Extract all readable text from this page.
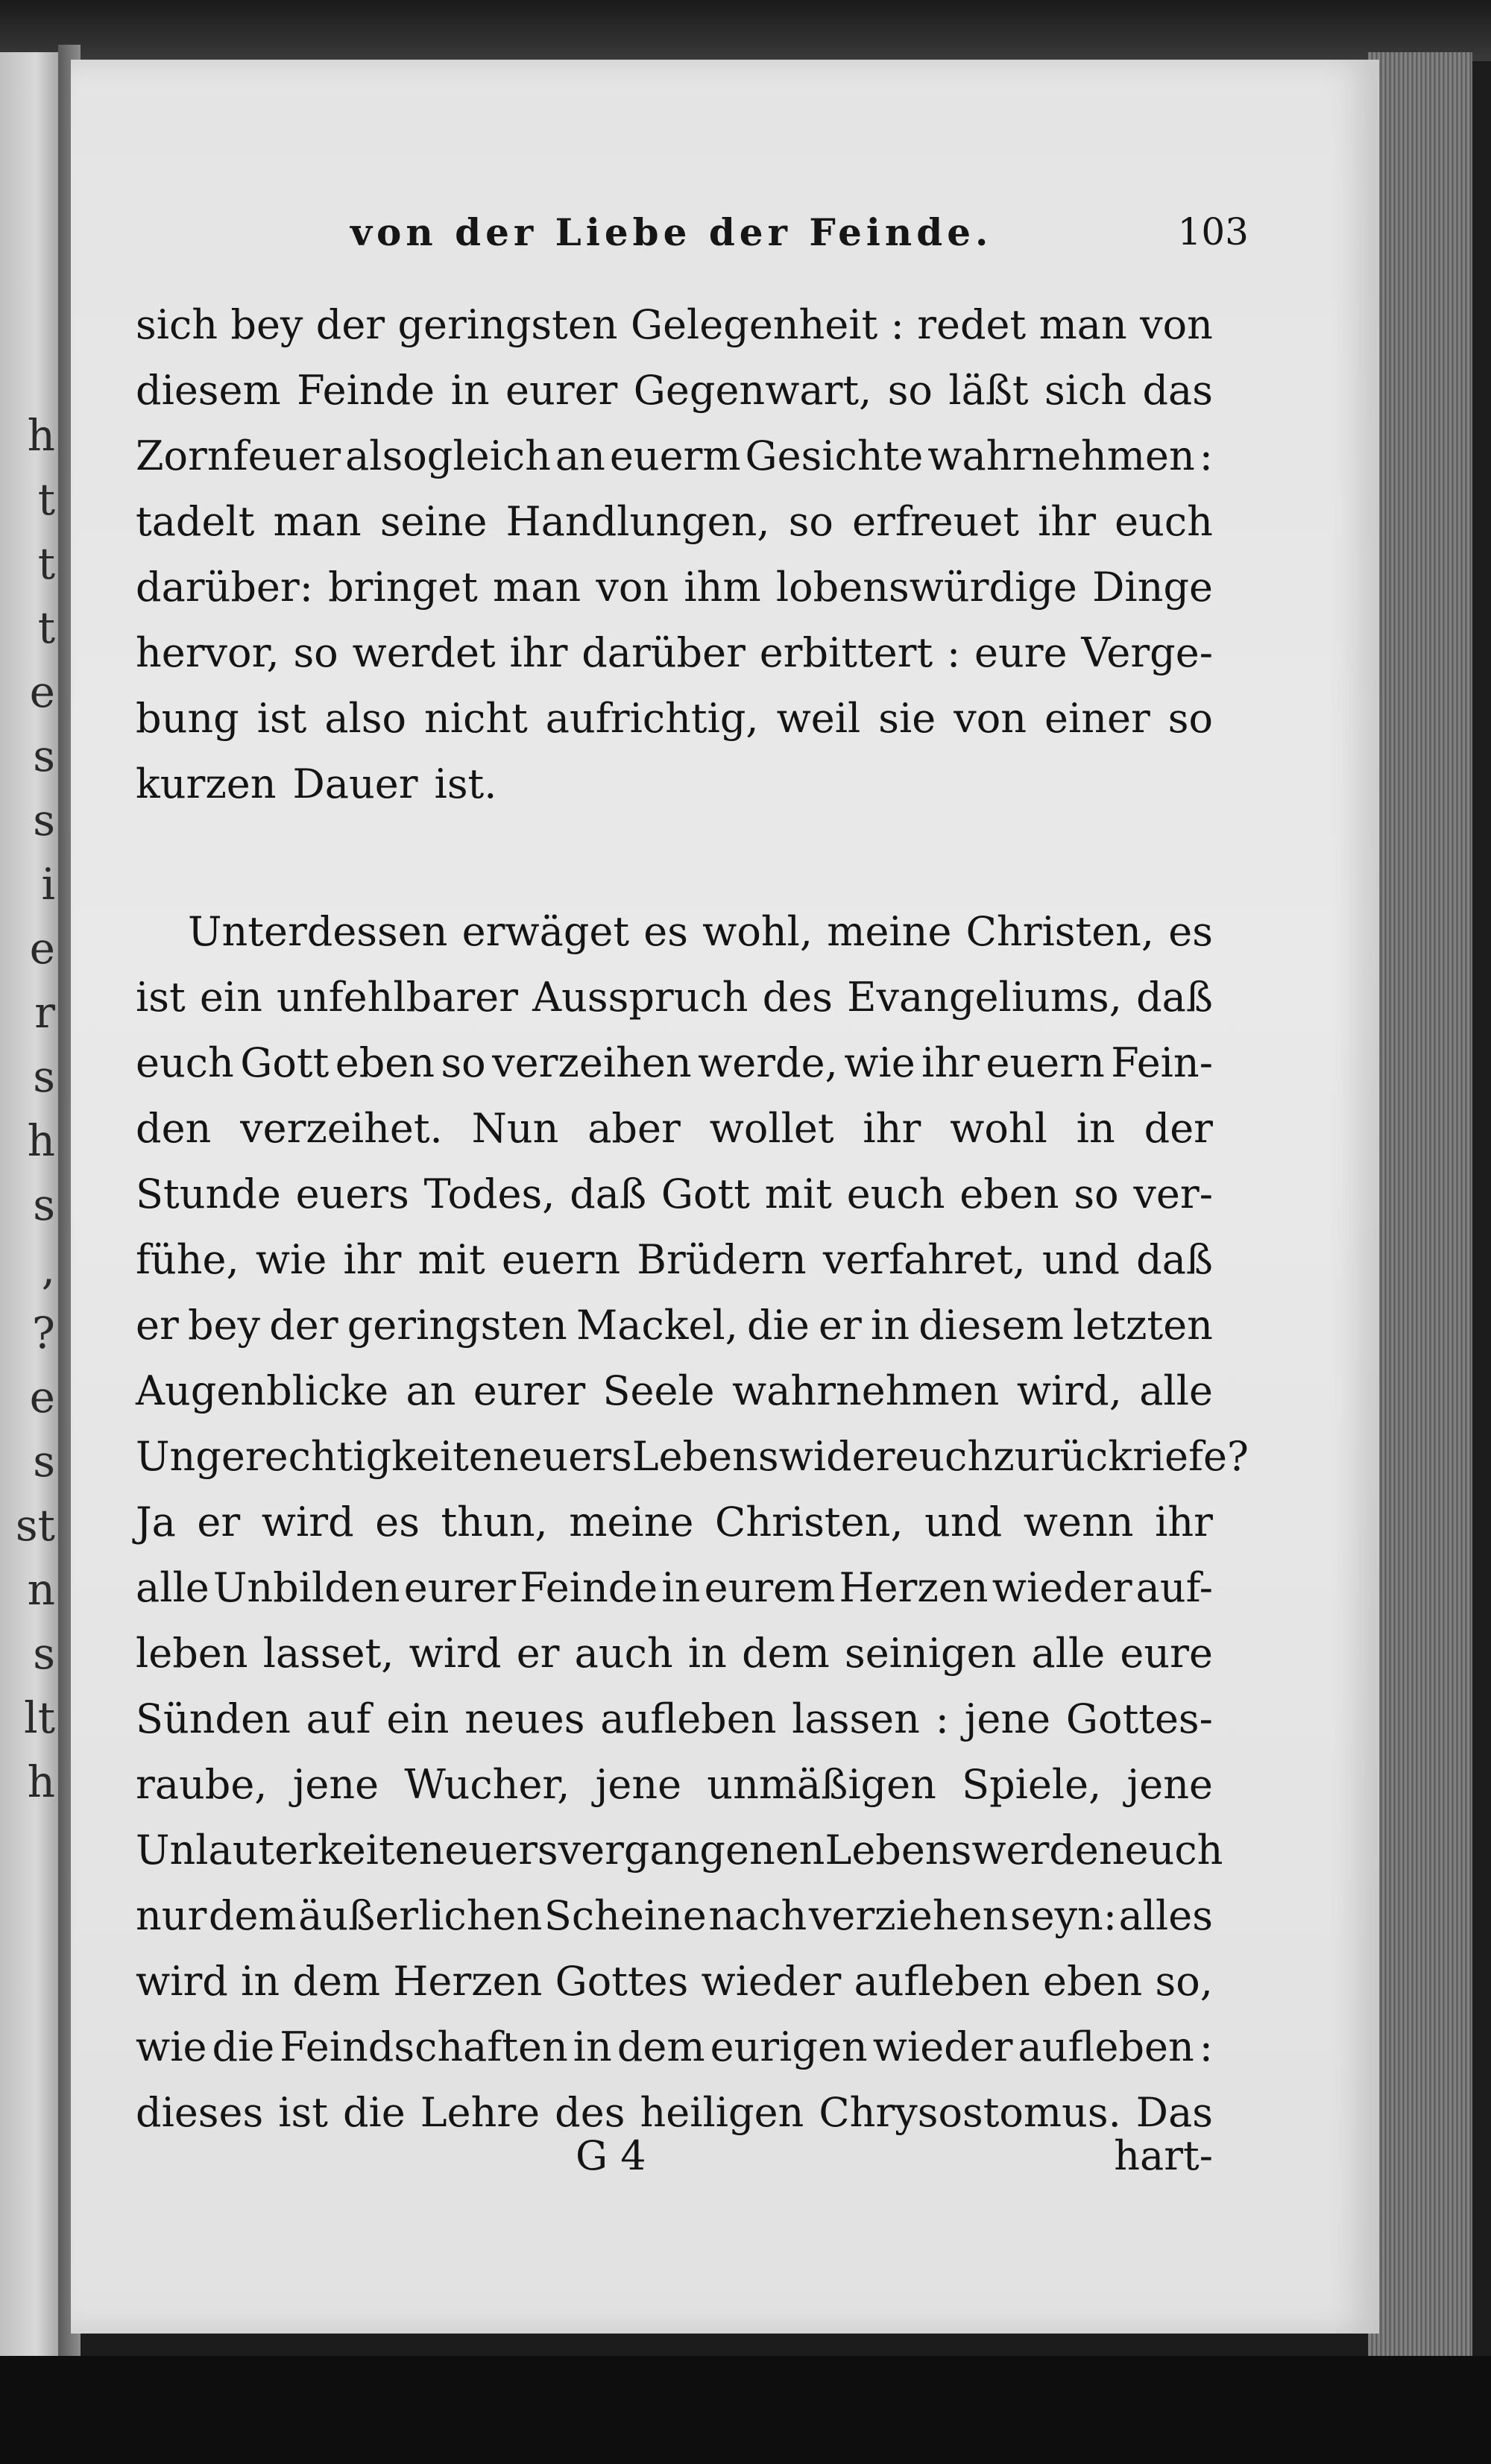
h
t
t
t
e
s
s
i
e
r
s
h
s
,
?
e
s
st
n
s
lt
h
von der Liebe der Feinde.	103
sich bey der geringsten Gelegenheit : redet man von
diesem Feinde in eurer Gegenwart, so läßt sich das
Zornfeuer alsogleich an euerm Gesichte wahrnehmen :
tadelt man seine Handlungen, so erfreuet ihr euch
darüber: bringet man von ihm lobenswürdige Dinge
hervor, so werdet ihr darüber erbittert : eure Verge-
bung ist also nicht aufrichtig, weil sie von einer so
kurzen Dauer ist.
Unterdessen erwäget es wohl, meine Christen, es
ist ein unfehlbarer Ausspruch des Evangeliums, daß
euch Gott eben so verzeihen werde, wie ihr euern Fein-
den verzeihet. Nun aber wollet ihr wohl in der
Stunde euers Todes, daß Gott mit euch eben so ver-
fühe, wie ihr mit euern Brüdern verfahret, und daß
er bey der geringsten Mackel, die er in diesem letzten
Augenblicke an eurer Seele wahrnehmen wird, alle
Ungerechtigkeiten euers Lebens wider euch zurück riefe ?
Ja er wird es thun, meine Christen, und wenn ihr
alle Unbilden eurer Feinde in eurem Herzen wieder auf-
leben lasset, wird er auch in dem seinigen alle eure
Sünden auf ein neues aufleben lassen : jene Gottes-
raube, jene Wucher, jene unmäßigen Spiele, jene
Unlauterkeiten euers vergangenen Lebens werden euch
nur dem äußerlichen Scheine nach verziehen seyn: alles
wird in dem Herzen Gottes wieder aufleben eben so,
wie die Feindschaften in dem eurigen wieder aufleben :
dieses ist die Lehre des heiligen Chrysostomus. Das
G 4	hart-
